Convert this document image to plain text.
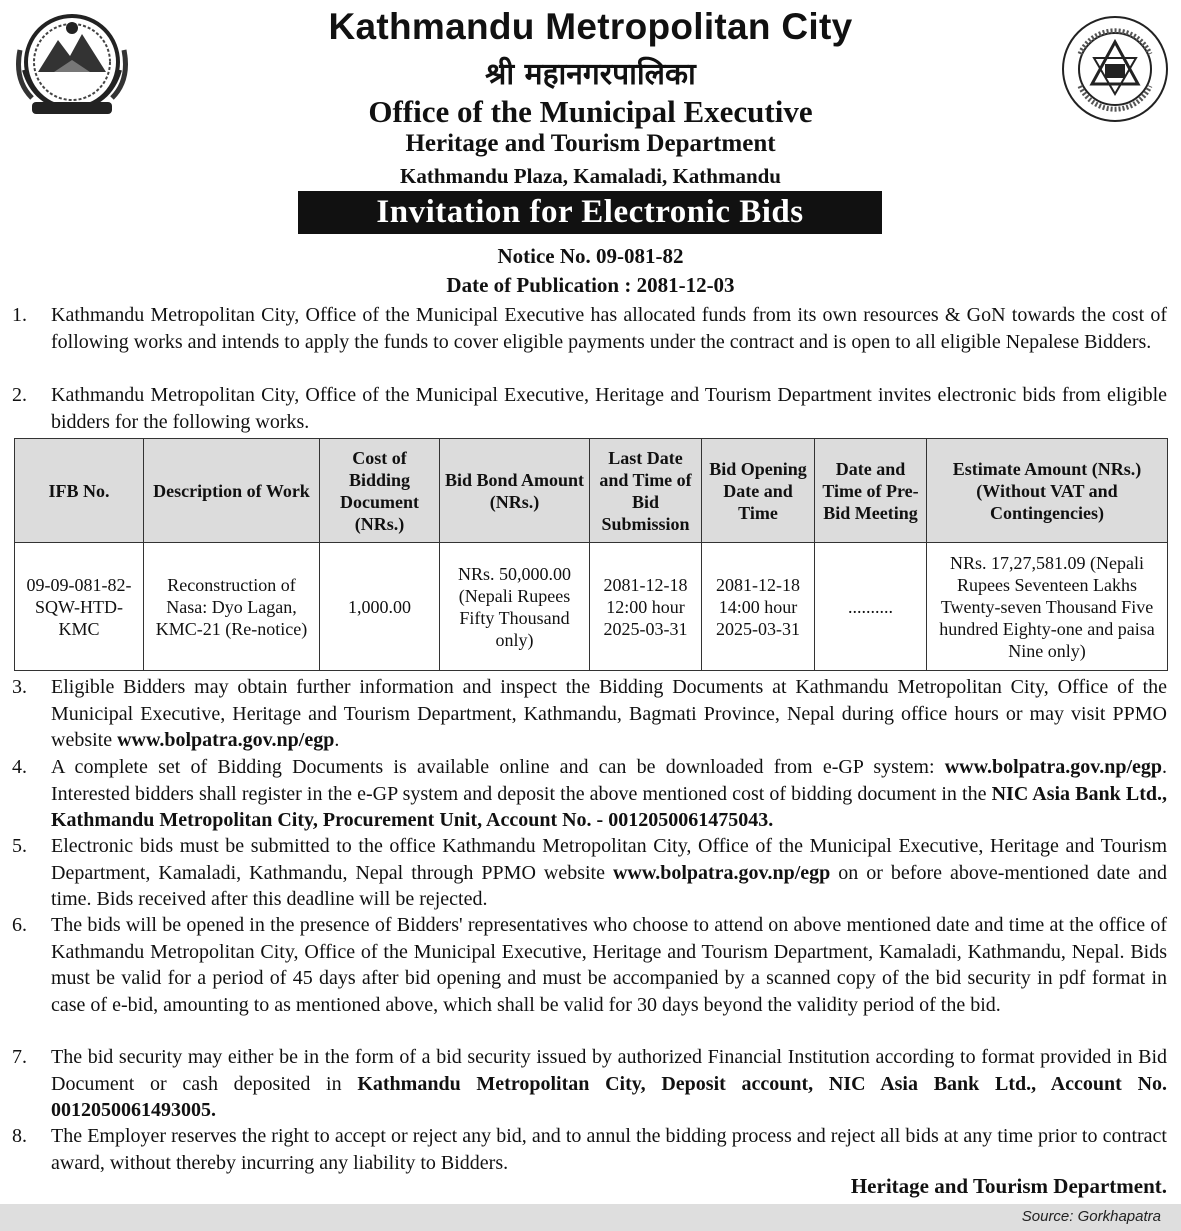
Kathmandu Metropolitan City
श्री महानगरपालिका
Office of the Municipal Executive
Heritage and Tourism Department
Kathmandu Plaza, Kamaladi, Kathmandu
Invitation for Electronic Bids
Notice No. 09-081-82
Date of Publication : 2081-12-03
1. Kathmandu Metropolitan City, Office of the Municipal Executive has allocated funds from its own resources & GoN towards the cost of following works and intends to apply the funds to cover eligible payments under the contract and is open to all eligible Nepalese Bidders.
2. Kathmandu Metropolitan City, Office of the Municipal Executive, Heritage and Tourism Department invites electronic bids from eligible bidders for the following works.
IFB No.	Description of Work	Cost of Bidding Document (NRs.)	Bid Bond Amount (NRs.)	Last Date and Time of Bid Submission	Bid Opening Date and Time	Date and Time of Pre-Bid Meeting	Estimate Amount (NRs.) (Without VAT and Contingencies)
09-09-081-82-SQW-HTD-KMC	Reconstruction of Nasa: Dyo Lagan, KMC-21 (Re-notice)	1,000.00	NRs. 50,000.00 (Nepali Rupees Fifty Thousand only)	2081-12-18 12:00 hour 2025-03-31	2081-12-18 14:00 hour 2025-03-31	..........	NRs. 17,27,581.09 (Nepali Rupees Seventeen Lakhs Twenty-seven Thousand Five hundred Eighty-one and paisa Nine only)
3. Eligible Bidders may obtain further information and inspect the Bidding Documents at Kathmandu Metropolitan City, Office of the Municipal Executive, Heritage and Tourism Department, Kathmandu, Bagmati Province, Nepal during office hours or may visit PPMO website www.bolpatra.gov.np/egp.
4. A complete set of Bidding Documents is available online and can be downloaded from e-GP system: www.bolpatra.gov.np/egp. Interested bidders shall register in the e-GP system and deposit the above mentioned cost of bidding document in the NIC Asia Bank Ltd., Kathmandu Metropolitan City, Procurement Unit, Account No. - 0012050061475043.
5. Electronic bids must be submitted to the office Kathmandu Metropolitan City, Office of the Municipal Executive, Heritage and Tourism Department, Kamaladi, Kathmandu, Nepal through PPMO website www.bolpatra.gov.np/egp on or before above-mentioned date and time. Bids received after this deadline will be rejected.
6. The bids will be opened in the presence of Bidders' representatives who choose to attend on above mentioned date and time at the office of Kathmandu Metropolitan City, Office of the Municipal Executive, Heritage and Tourism Department, Kamaladi, Kathmandu, Nepal. Bids must be valid for a period of 45 days after bid opening and must be accompanied by a scanned copy of the bid security in pdf format in case of e-bid, amounting to as mentioned above, which shall be valid for 30 days beyond the validity period of the bid.
7. The bid security may either be in the form of a bid security issued by authorized Financial Institution according to format provided in Bid Document or cash deposited in Kathmandu Metropolitan City, Deposit account, NIC Asia Bank Ltd., Account No. 0012050061493005.
8. The Employer reserves the right to accept or reject any bid, and to annul the bidding process and reject all bids at any time prior to contract award, without thereby incurring any liability to Bidders.
Heritage and Tourism Department.
Source: Gorkhapatra
